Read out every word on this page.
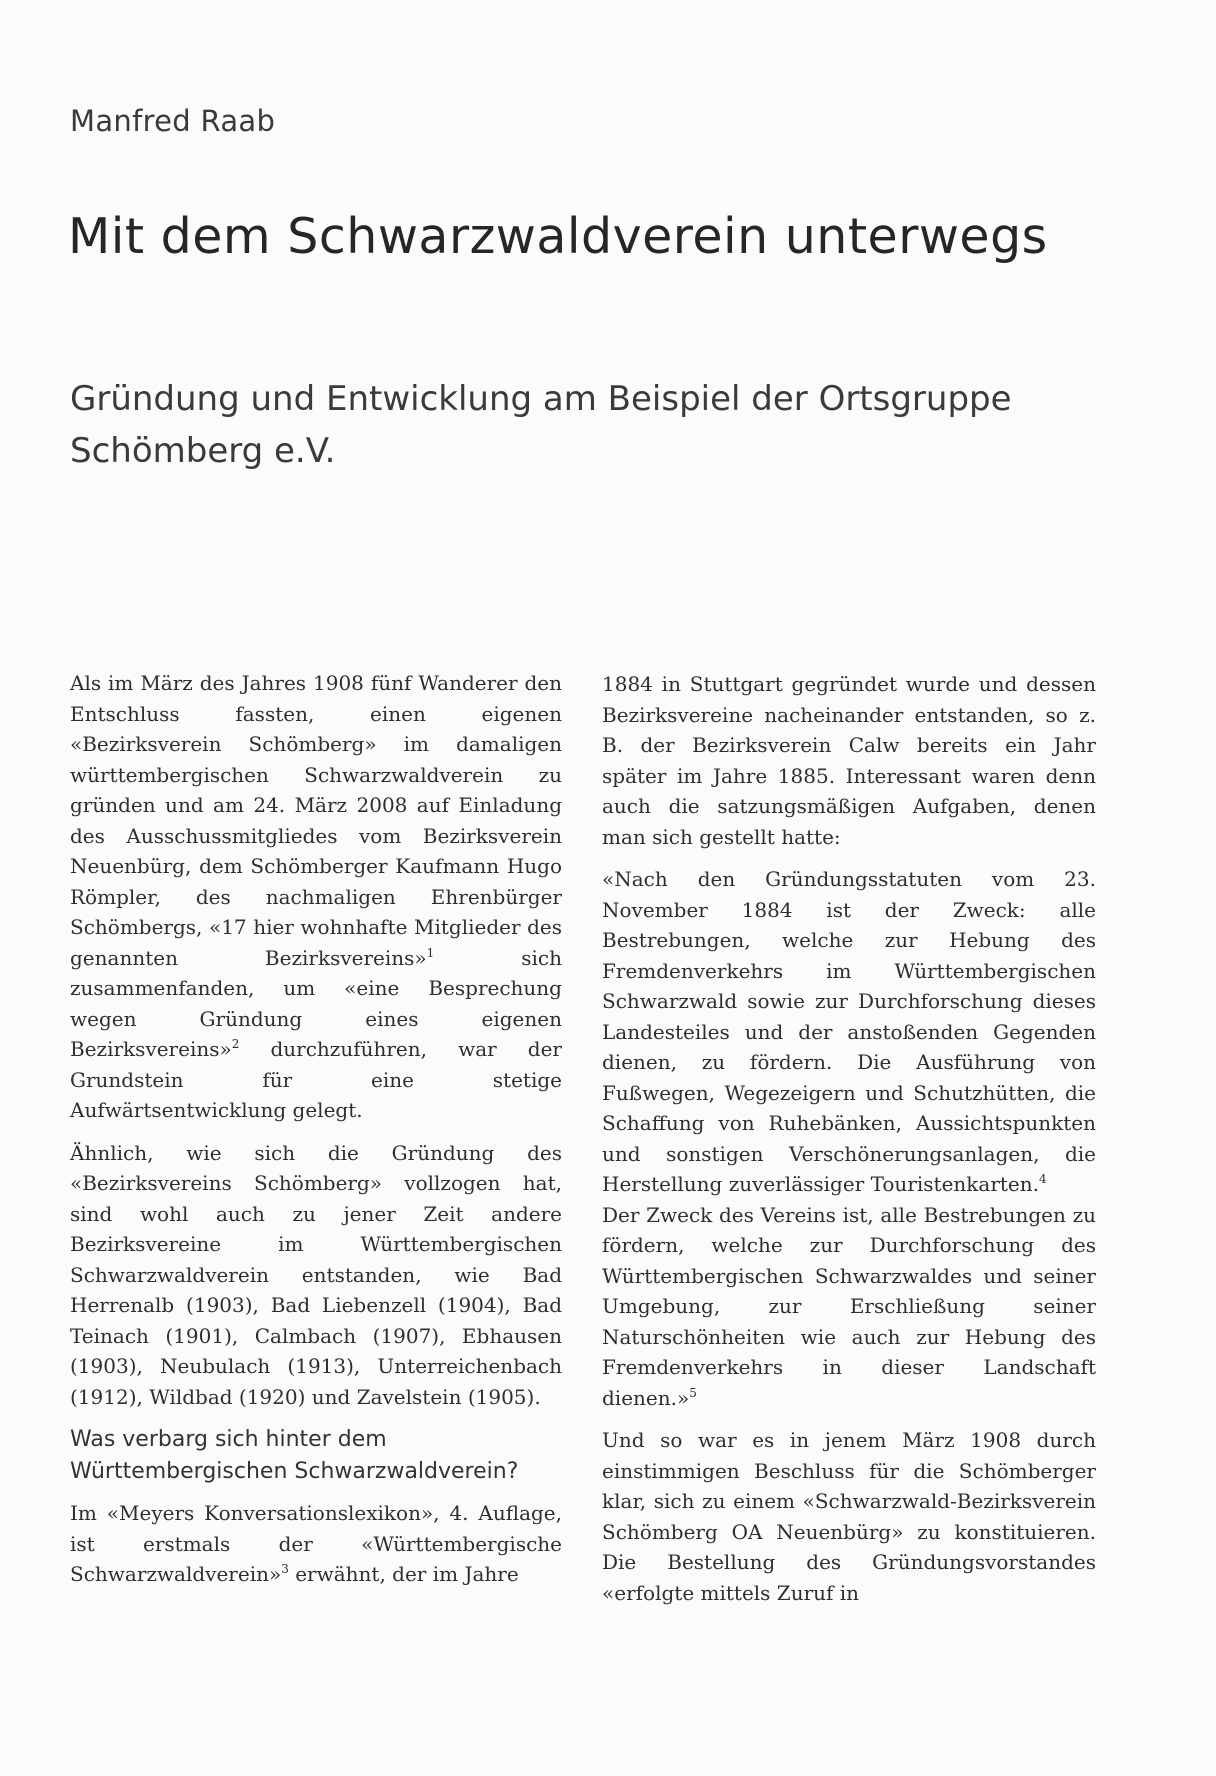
Manfred Raab
Mit dem Schwarzwaldverein unterwegs
Gründung und Entwicklung am Beispiel der Ortsgruppe Schömberg e.V.

Als im März des Jahres 1908 fünf Wanderer den Entschluss fassten, einen eigenen «Bezirksverein Schömberg» im damaligen württembergischen Schwarzwaldverein zu gründen und am 24. März 2008 auf Einladung des Ausschussmitgliedes vom Bezirksverein Neuenbürg, dem Schömberger Kaufmann Hugo Römpler, des nachmaligen Ehrenbürger Schömbergs, «17 hier wohnhafte Mitglieder des genannten Bezirksvereins»$^1$ sich zusammenfanden, um «eine Besprechung wegen Gründung eines eigenen Bezirksvereins»$^2$ durchzuführen, war der Grundstein für eine stetige Aufwärtsentwicklung gelegt.

Ähnlich, wie sich die Gründung des «Bezirksvereins Schömberg» vollzogen hat, sind wohl auch zu jener Zeit andere Bezirksvereine im Württembergischen Schwarzwaldverein entstanden, wie Bad Herrenalb (1903), Bad Liebenzell (1904), Bad Teinach (1901), Calmbach (1907), Ebhausen (1903), Neubulach (1913), Unterreichenbach (1912), Wildbad (1920) und Zavelstein (1905).

Was verbarg sich hinter dem Württembergischen Schwarzwaldverein?

Im «Meyers Konversationslexikon», 4. Auflage, ist erstmals der «Württembergische Schwarzwaldverein»$^3$ erwähnt, der im Jahre

1884 in Stuttgart gegründet wurde und dessen Bezirksvereine nacheinander entstanden, so z. B. der Bezirksverein Calw bereits ein Jahr später im Jahre 1885. Interessant waren denn auch die satzungsmäßigen Aufgaben, denen man sich gestellt hatte:

«Nach den Gründungsstatuten vom 23. November 1884 ist der Zweck: alle Bestrebungen, welche zur Hebung des Fremdenverkehrs im Württembergischen Schwarzwald sowie zur Durchforschung dieses Landesteiles und der anstoßenden Gegenden dienen, zu fördern. Die Ausführung von Fußwegen, Wegezeigern und Schutzhütten, die Schaffung von Ruhebänken, Aussichtspunkten und sonstigen Verschönerungsanlagen, die Herstellung zuverlässiger Touristenkarten.$^4$

Der Zweck des Vereins ist, alle Bestrebungen zu fördern, welche zur Durchforschung des Württembergischen Schwarzwaldes und seiner Umgebung, zur Erschließung seiner Naturschönheiten wie auch zur Hebung des Fremdenverkehrs in dieser Landschaft dienen.»$^5$

Und so war es in jenem März 1908 durch einstimmigen Beschluss für die Schömberger klar, sich zu einem «Schwarzwald-Bezirksverein Schömberg OA Neuenbürg» zu konstituieren. Die Bestellung des Gründungsvorstandes «erfolgte mittels Zuruf in
